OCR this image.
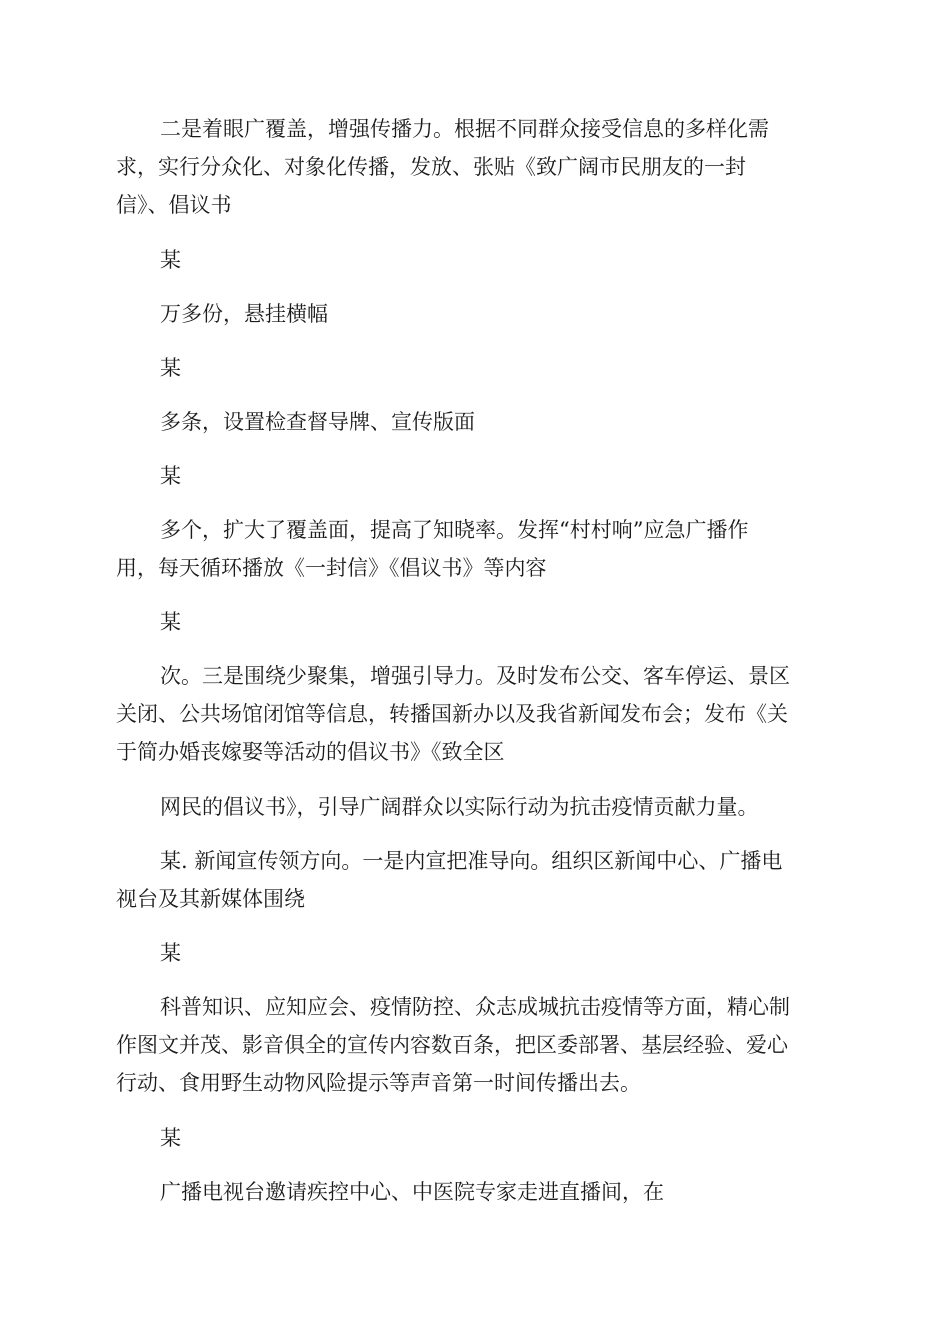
二是着眼广覆盖，增强传播力。根据不同群众接受信息的多样化需
求，实行分众化、对象化传播，发放、张贴《致广阔市民朋友的一封
信》、倡议书
某
万多份，悬挂横幅
某
多条，设置检查督导牌、宣传版面
某
多个，扩大了覆盖面，提高了知晓率。发挥“村村响”应急广播作
用，每天循环播放《一封信》《倡议书》等内容
某
次。三是围绕少聚集，增强引导力。及时发布公交、客车停运、景区
关闭、公共场馆闭馆等信息，转播国新办以及我省新闻发布会；发布《关
于简办婚丧嫁娶等活动的倡议书》《致全区
网民的倡议书》，引导广阔群众以实际行动为抗击疫情贡献力量。
某. 新闻宣传领方向。一是内宣把准导向。组织区新闻中心、广播电
视台及其新媒体围绕
某
科普知识、应知应会、疫情防控、众志成城抗击疫情等方面，精心制
作图文并茂、影音俱全的宣传内容数百条，把区委部署、基层经验、爱心
行动、食用野生动物风险提示等声音第一时间传播出去。
某
广播电视台邀请疾控中心、中医院专家走进直播间，在
